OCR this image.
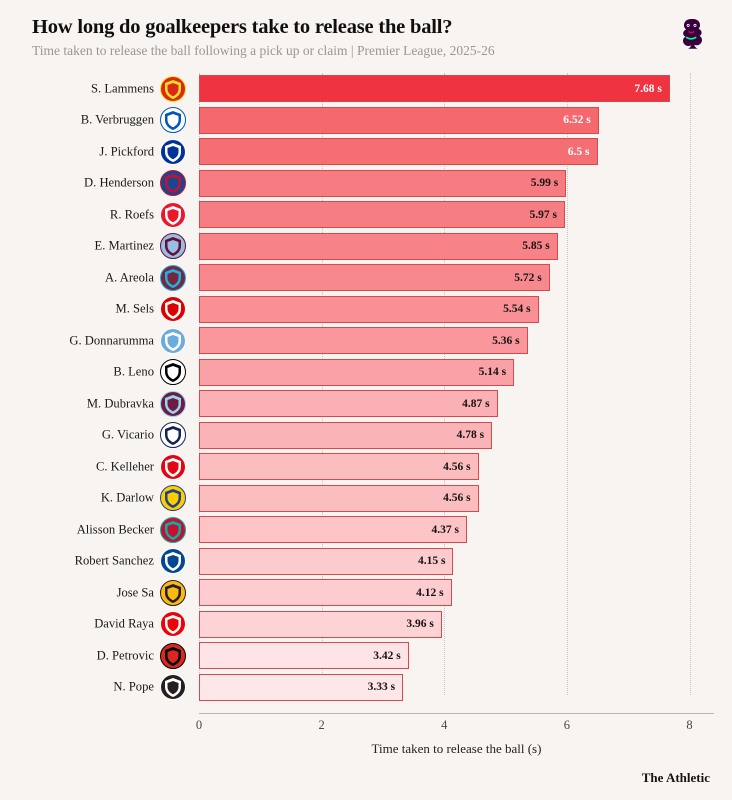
How long do goalkeepers take to release the ball?
Time taken to release the ball following a pick up or claim | Premier League, 2025-26
0	2	4	6	8
S. Lammens	7.68 s
B. Verbruggen	6.52 s
J. Pickford	6.5 s
D. Henderson	5.99 s
R. Roefs	5.97 s
E. Martinez	5.85 s
A. Areola	5.72 s
M. Sels	5.54 s
G. Donnarumma	5.36 s
B. Leno	5.14 s
M. Dubravka	4.87 s
G. Vicario	4.78 s
C. Kelleher	4.56 s
K. Darlow	4.56 s
Alisson Becker	4.37 s
Robert Sanchez	4.15 s
Jose Sa	4.12 s
David Raya	3.96 s
D. Petrovic	3.42 s
N. Pope	3.33 s
Time taken to release the ball (s)
The Athletic
